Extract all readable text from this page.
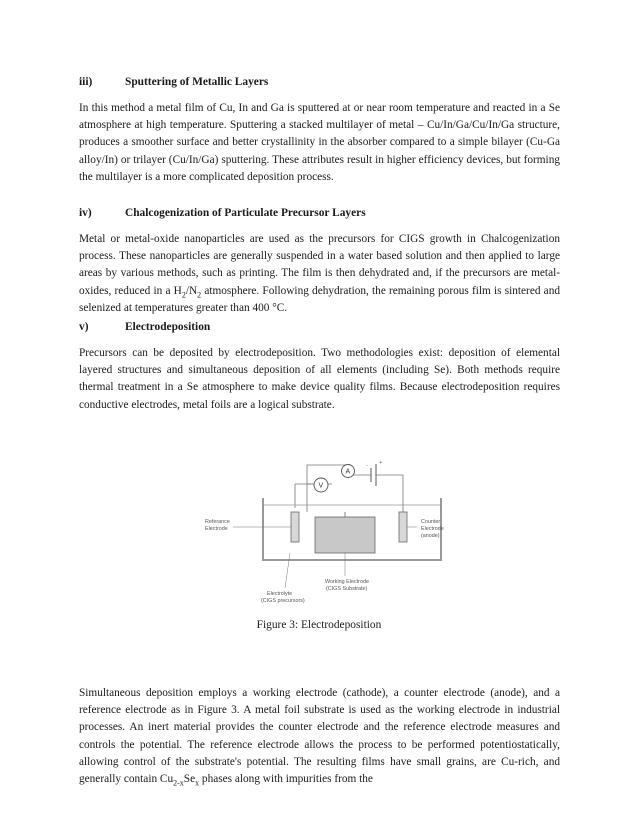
iii)	Sputtering of Metallic Layers

In this method a metal film of Cu, In and Ga is sputtered at or near room temperature and reacted in a Se atmosphere at high temperature. Sputtering a stacked multilayer of metal – Cu/In/Ga/Cu/In/Ga structure, produces a smoother surface and better crystallinity in the absorber compared to a simple bilayer (Cu-Ga alloy/In) or trilayer (Cu/In/Ga) sputtering. These attributes result in higher efficiency devices, but forming the multilayer is a more complicated deposition process.

iv)	Chalcogenization of Particulate Precursor Layers

Metal or metal-oxide nanoparticles are used as the precursors for CIGS growth in Chalcogenization process. These nanoparticles are generally suspended in a water based solution and then applied to large areas by various methods, such as printing. The film is then dehydrated and, if the precursors are metal-oxides, reduced in a $H_2/N_2$ atmosphere. Following dehydration, the remaining porous film is sintered and selenized at temperatures greater than 400 °C.

v)	Electrodeposition

Precursors can be deposited by electrodeposition. Two methodologies exist: deposition of elemental layered structures and simultaneous deposition of all elements (including Se). Both methods require thermal treatment in a Se atmosphere to make device quality films. Because electrodeposition requires conductive electrodes, metal foils are a logical substrate.

- +
A
V
Referance
Electrode
Counter
Electrode
(anode)
Electrolyte
(CIGS precursors)
Working Electrode
(CIGS Substrate)
Figure 3: Electrodeposition

Simultaneous deposition employs a working electrode (cathode), a counter electrode (anode), and a reference electrode as in Figure 3. A metal foil substrate is used as the working electrode in industrial processes. An inert material provides the counter electrode and the reference electrode measures and controls the potential. The reference electrode allows the process to be performed potentiostatically, allowing control of the substrate's potential. The resulting films have small grains, are Cu-rich, and generally contain $Cu_{2-x}Se_x$ phases along with impurities from the
